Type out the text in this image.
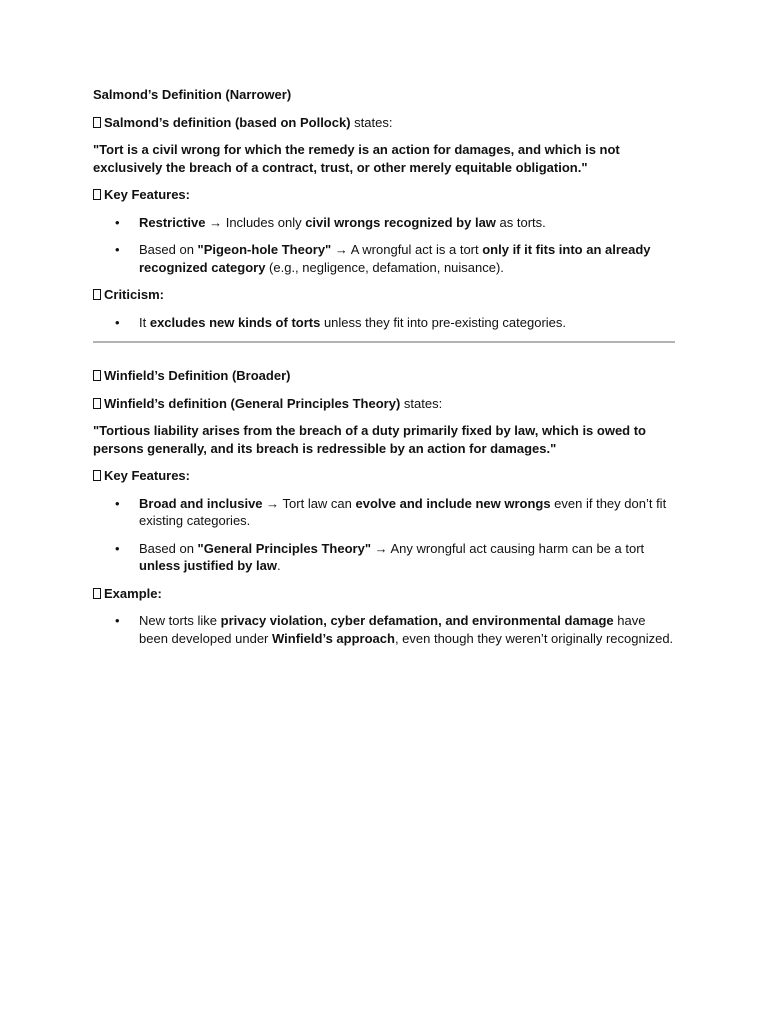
Salmond’s Definition (Narrower)

Salmond’s definition (based on Pollock) states:

"Tort is a civil wrong for which the remedy is an action for damages, and which is not exclusively the breach of a contract, trust, or other merely equitable obligation."

Key Features:

• Restrictive → Includes only civil wrongs recognized by law as torts.
• Based on "Pigeon-hole Theory" → A wrongful act is a tort only if it fits into an already recognized category (e.g., negligence, defamation, nuisance).

Criticism:

• It excludes new kinds of torts unless they fit into pre-existing categories.

Winfield’s Definition (Broader)

Winfield’s definition (General Principles Theory) states:

"Tortious liability arises from the breach of a duty primarily fixed by law, which is owed to persons generally, and its breach is redressible by an action for damages."

Key Features:

• Broad and inclusive → Tort law can evolve and include new wrongs even if they don’t fit existing categories.
• Based on "General Principles Theory" → Any wrongful act causing harm can be a tort unless justified by law.

Example:

• New torts like privacy violation, cyber defamation, and environmental damage have been developed under Winfield’s approach, even though they weren’t originally recognized.
